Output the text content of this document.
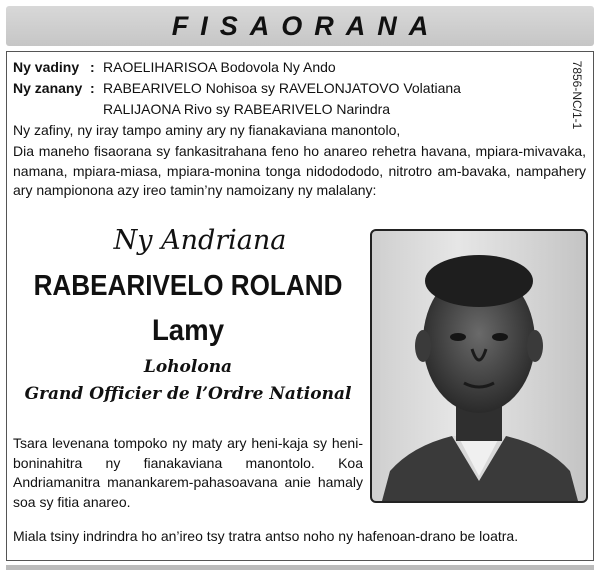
FISAORANA
7856-NC/1-1
Ny vadiny : RAOELIHARISOA Bodovola Ny Ando
Ny zanany : RABEARIVELO Nohisoa sy RAVELONJATOVO Volatiana
RALIJAONA Rivo sy RABEARIVELO Narindra
Ny zafiny, ny iray tampo aminy ary ny fianakaviana manontolo,
Dia maneho fisaorana sy fankasitrahana feno ho anareo rehetra havana, mpiara-mivavaka, namana, mpiara-miasa, mpiara-monina tonga nidodododo, nitrotro am-bavaka, nampahery ary nampionona azy ireo tamin’ny namoizany ny malalany:
Ny Andriana
RABEARIVELO ROLAND
Lamy
Loholona
Grand Officier de l’Ordre National
Tsara levenana tompoko ny maty ary heni-kaja sy heni-boninahitra ny fianakaviana manontolo. Koa Andriamanitra manankarem-pahasoavana anie hamaly soa sy fitia anareo.
Miala tsiny indrindra ho an’ireo tsy tratra antso noho ny hafenoan-drano be loatra.
